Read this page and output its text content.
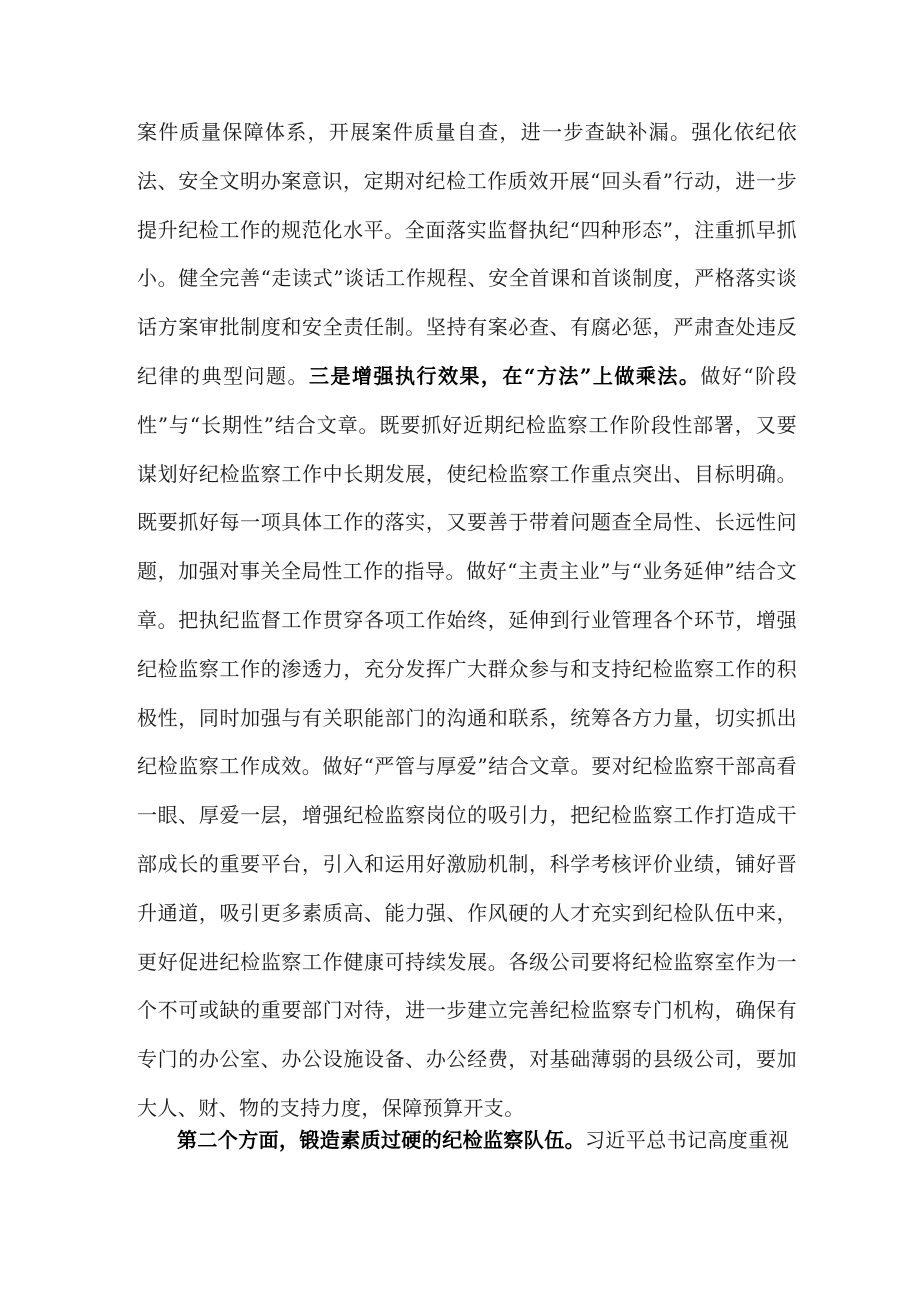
案件质量保障体系，开展案件质量自查，进一步查缺补漏。强化依纪依法、安全文明办案意识，定期对纪检工作质效开展“回头看”行动，进一步提升纪检工作的规范化水平。全面落实监督执纪“四种形态”，注重抓早抓小。健全完善“走读式”谈话工作规程、安全首课和首谈制度，严格落实谈话方案审批制度和安全责任制。坚持有案必查、有腐必惩，严肃查处违反纪律的典型问题。三是增强执行效果，在“方法”上做乘法。做好“阶段性”与“长期性”结合文章。既要抓好近期纪检监察工作阶段性部署，又要谋划好纪检监察工作中长期发展，使纪检监察工作重点突出、目标明确。既要抓好每一项具体工作的落实，又要善于带着问题查全局性、长远性问题，加强对事关全局性工作的指导。做好“主责主业”与“业务延伸”结合文章。把执纪监督工作贯穿各项工作始终，延伸到行业管理各个环节，增强纪检监察工作的渗透力，充分发挥广大群众参与和支持纪检监察工作的积极性，同时加强与有关职能部门的沟通和联系，统筹各方力量，切实抓出纪检监察工作成效。做好“严管与厚爱”结合文章。要对纪检监察干部高看一眼、厚爱一层，增强纪检监察岗位的吸引力，把纪检监察工作打造成干部成长的重要平台，引入和运用好激励机制，科学考核评价业绩，铺好晋升通道，吸引更多素质高、能力强、作风硬的人才充实到纪检队伍中来，更好促进纪检监察工作健康可持续发展。各级公司要将纪检监察室作为一个不可或缺的重要部门对待，进一步建立完善纪检监察专门机构，确保有专门的办公室、办公设施设备、办公经费，对基础薄弱的县级公司，要加大人、财、物的支持力度，保障预算开支。

第二个方面，锻造素质过硬的纪检监察队伍。习近平总书记高度重视
